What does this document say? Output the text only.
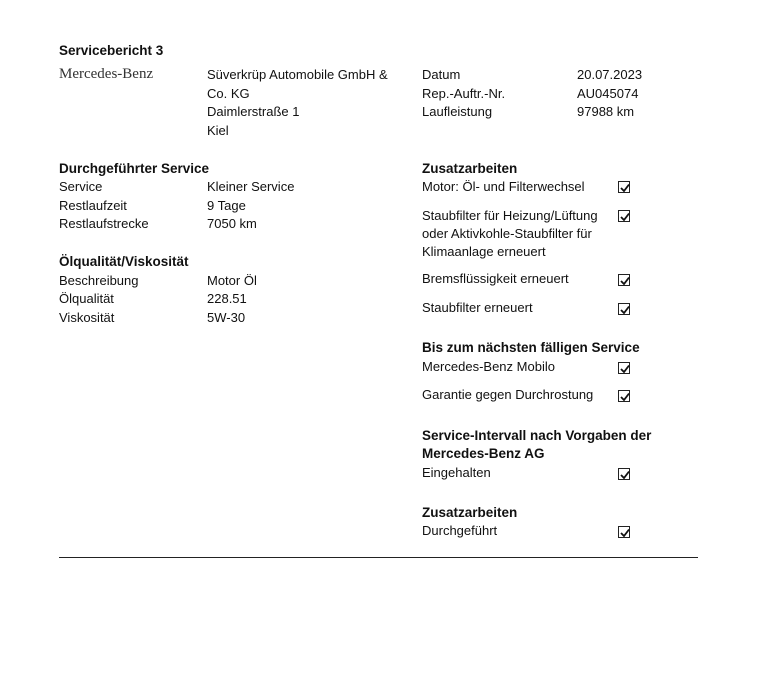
Servicebericht 3
Mercedes-Benz	Süverkrüp Automobile GmbH &
Co. KG
Daimlerstraße 1
Kiel
Datum	20.07.2023
Rep.-Auftr.-Nr.	AU045074
Laufleistung	97988 km
Durchgeführter Service
Service	Kleiner Service
Restlaufzeit	9 Tage
Restlaufstrecke	7050 km
Ölqualität/Viskosität
Beschreibung	Motor Öl
Ölqualität	228.51
Viskosität	5W-30
Zusatzarbeiten
Motor: Öl- und Filterwechsel
Staubfilter für Heizung/Lüftung oder Aktivkohle-Staubfilter für Klimaanlage erneuert
Bremsflüssigkeit erneuert
Staubfilter erneuert
Bis zum nächsten fälligen Service
Mercedes-Benz Mobilo
Garantie gegen Durchrostung
Service-Intervall nach Vorgaben der Mercedes-Benz AG
Eingehalten
Zusatzarbeiten
Durchgeführt
